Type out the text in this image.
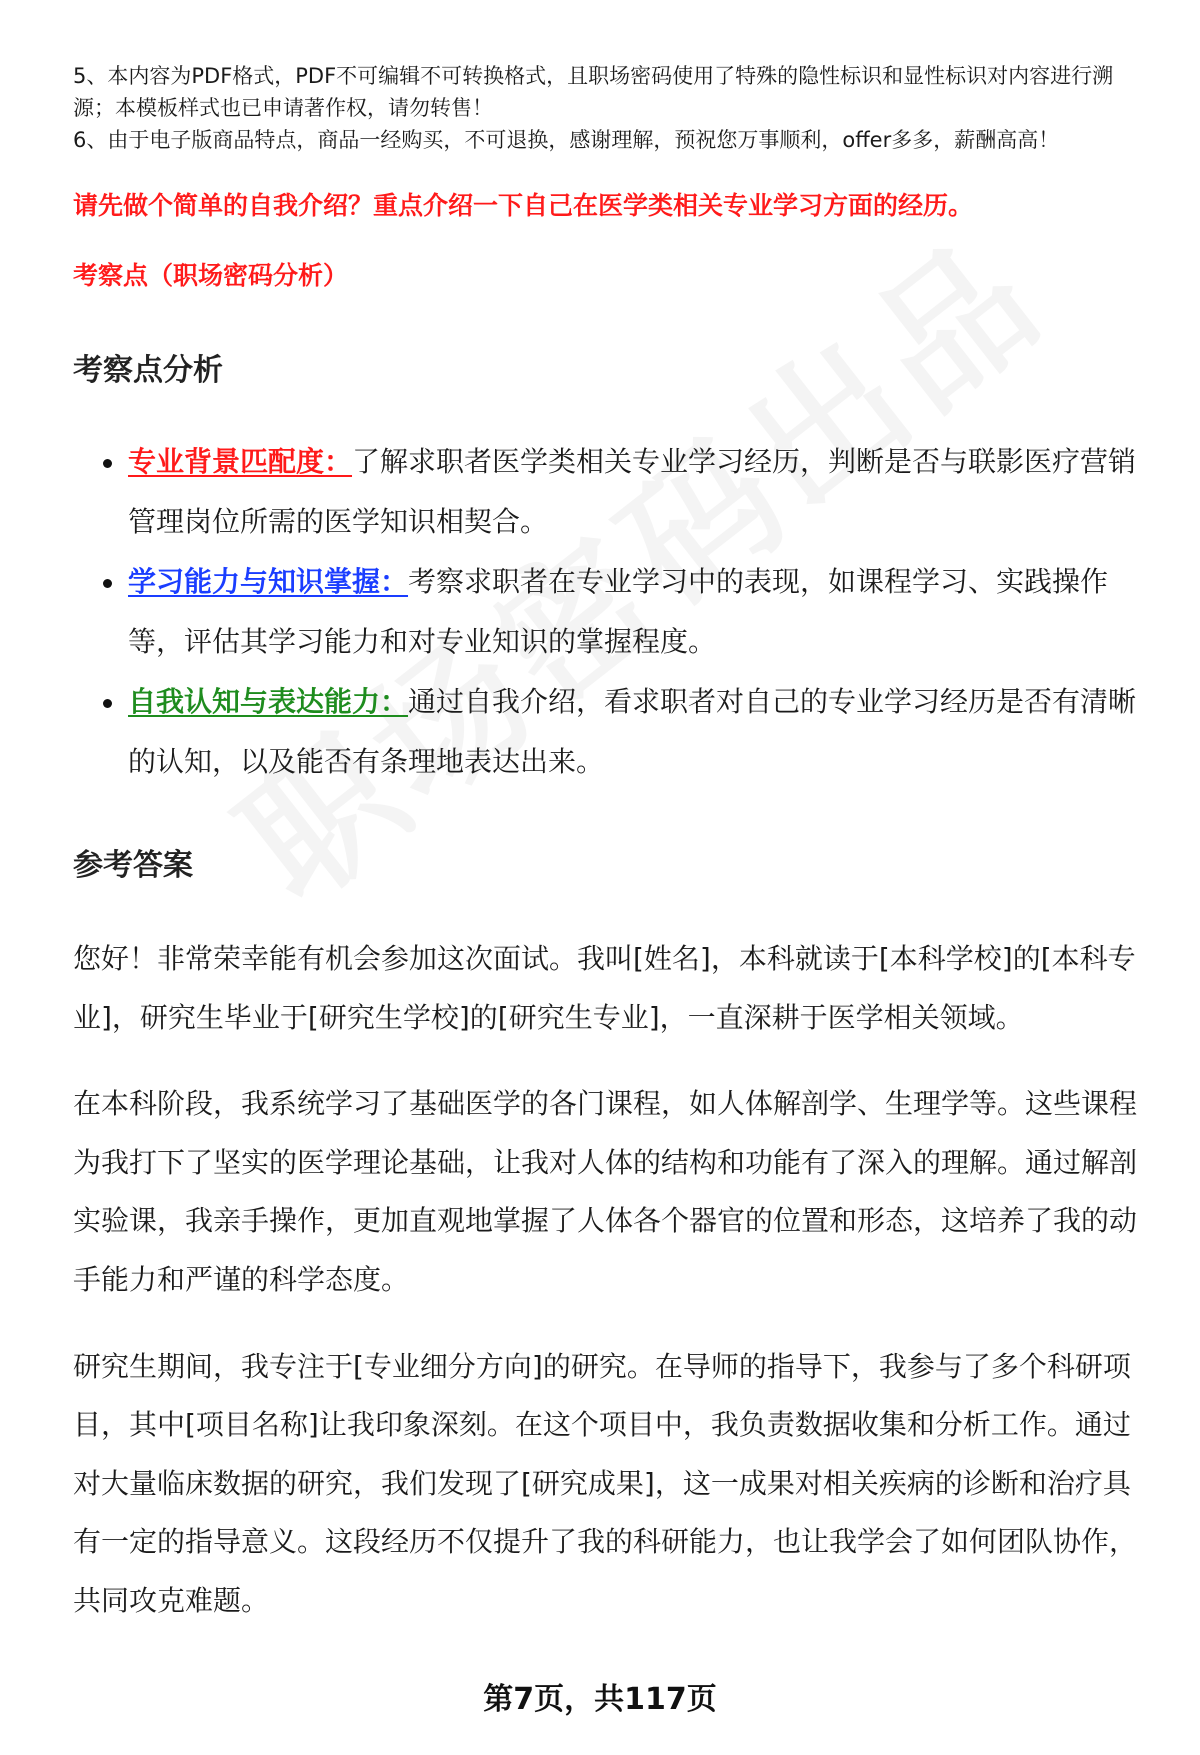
5、本内容为PDF格式，PDF不可编辑不可转换格式，且职场密码使用了特殊的隐性标识和显性标识对内容进行溯源；本模板样式也已申请著作权，请勿转售！

6、由于电子版商品特点，商品一经购买，不可退换，感谢理解，预祝您万事顺利，offer多多，薪酬高高！

请先做个简单的自我介绍？重点介绍一下自己在医学类相关专业学习方面的经历。
考察点（职场密码分析）
考察点分析
专业背景匹配度：了解求职者医学类相关专业学习经历，判断是否与联影医疗营销管理岗位所需的医学知识相契合。
学习能力与知识掌握：考察求职者在专业学习中的表现，如课程学习、实践操作等，评估其学习能力和对专业知识的掌握程度。
自我认知与表达能力：通过自我介绍，看求职者对自己的专业学习经历是否有清晰的认知，以及能否有条理地表达出来。
参考答案

您好！非常荣幸能有机会参加这次面试。我叫[姓名]，本科就读于[本科学校]的[本科专业]，研究生毕业于[研究生学校]的[研究生专业]，一直深耕于医学相关领域。

在本科阶段，我系统学习了基础医学的各门课程，如人体解剖学、生理学等。这些课程为我打下了坚实的医学理论基础，让我对人体的结构和功能有了深入的理解。通过解剖实验课，我亲手操作，更加直观地掌握了人体各个器官的位置和形态，这培养了我的动手能力和严谨的科学态度。

研究生期间，我专注于[专业细分方向]的研究。在导师的指导下，我参与了多个科研项目，其中[项目名称]让我印象深刻。在这个项目中，我负责数据收集和分析工作。通过对大量临床数据的研究，我们发现了[研究成果]，这一成果对相关疾病的诊断和治疗具有一定的指导意义。这段经历不仅提升了我的科研能力，也让我学会了如何团队协作，共同攻克难题。

第7页，共117页
